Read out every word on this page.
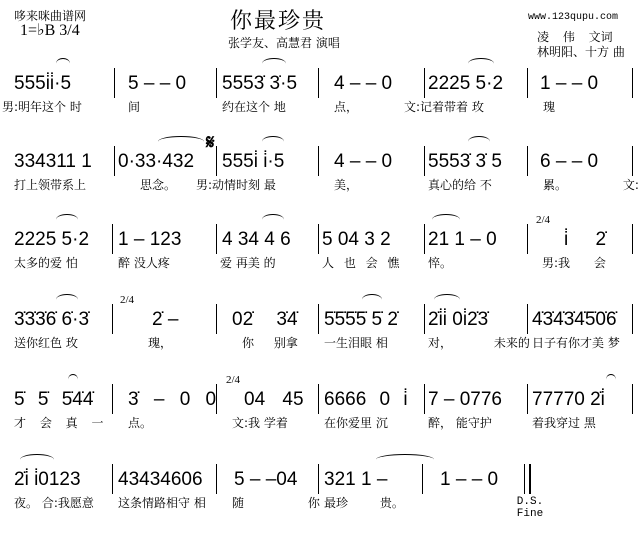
哆来咪曲谱网
1=♭B 3/4	你最珍贵
张学友、高慧君 演唱
www.123qupu.com
凌 伟 文词
林明阳、十方 曲
555i̇i̇·5
男:明年这个 时
5 – – 0
间
5553̇ 3̇·5
约在这个 地
4 – – 0
点，
2225 5·2
文:记着带着 玫
1 – – 0
瑰
𝄋
334311 1
打上领带系上
0·33·432
思念。
555i̇ i̇·5
男:动情时刻 最
4 – – 0
美，
5553̇ 3̇ 5
真心的给 不
6 – – 0
累。 文:
2225 5·2
太多的爱 怕
1 – 123
醉 没人疼
4 34 4 6
爱 再美 的
5 04 3 2
人 也 会 憔
21 1 – 0
悴。
2/4
i̇ 2̇
男:我 会
3̇3̇3̇6̇ 6̇·3̇
送你红色 玫
2/4
2̇ –
瑰，
02̇ 3̇4̇
你 别拿
5̇5̇5̇5̇ 5̇ 2̇
一生泪眼 相
2̇i̇i̇ 0i̇2̇3̇
对， 未来的
4̇3̇4̇3̇4̇5̇0̇6̇
日子有你才美 梦
5̇ 5̇ 5̇4̇4̇
才 会 真 一
3̇ – 0 0
点。
2/4
04 45
文:我 学着
6666 0 i̇
在你爱里 沉
7 – 0776
醉， 能守护
77770 2̇i̇
着我穿过 黑
2̇i̇ i̇0123
夜。 合:我愿意
43434606
这条情路相守 相
5 – –04
随 你
321 1 –
最珍 贵。
1 – – 0
D.S.
Fine
